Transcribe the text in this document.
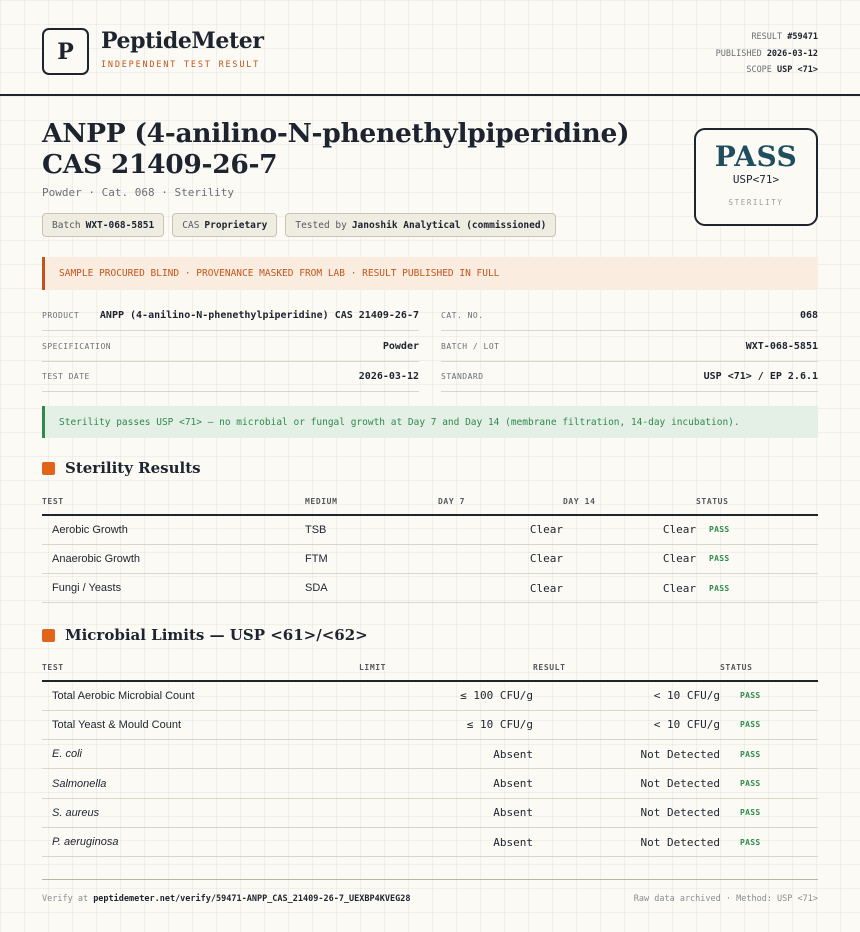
P	PeptideMeter
INDEPENDENT TEST RESULT
RESULT #59471
PUBLISHED 2026-03-12
SCOPE USP <71>
ANPP (4-anilino-N-phenethylpiperidine) CAS 21409-26-7
Powder · Cat. 068 · Sterility
Batch WXT-068-5851	CAS Proprietary	Tested by Janoshik Analytical (commissioned)
PASS
USP<71>
STERILITY
SAMPLE PROCURED BLIND · PROVENANCE MASKED FROM LAB · RESULT PUBLISHED IN FULL
PRODUCT ANPP (4-anilino-N-phenethylpiperidine) CAS 21409-26-7
SPECIFICATION	Powder
TEST DATE	2026-03-12
CAT. NO.	068
BATCH / LOT	WXT-068-5851
STANDARD	USP <71> / EP 2.6.1
Sterility passes USP <71> — no microbial or fungal growth at Day 7 and Day 14 (membrane filtration, 14-day incubation).
Sterility Results
TEST	MEDIUM	DAY 7	DAY 14	STATUS
Aerobic Growth	TSB	Clear	Clear	PASS
Anaerobic Growth	FTM	Clear	Clear	PASS
Fungi / Yeasts	SDA	Clear	Clear	PASS
Microbial Limits — USP <61>/<62>
TEST	LIMIT	RESULT	STATUS
Total Aerobic Microbial Count	≤ 100 CFU/g	< 10 CFU/g	PASS
Total Yeast & Mould Count	≤ 10 CFU/g	< 10 CFU/g	PASS
E. coli	Absent	Not Detected	PASS
Salmonella	Absent	Not Detected	PASS
S. aureus	Absent	Not Detected	PASS
P. aeruginosa	Absent	Not Detected	PASS
Verify at peptidemeter.net/verify/59471-ANPP_CAS_21409-26-7_UEXBP4KVEG28	Raw data archived · Method: USP <71>
